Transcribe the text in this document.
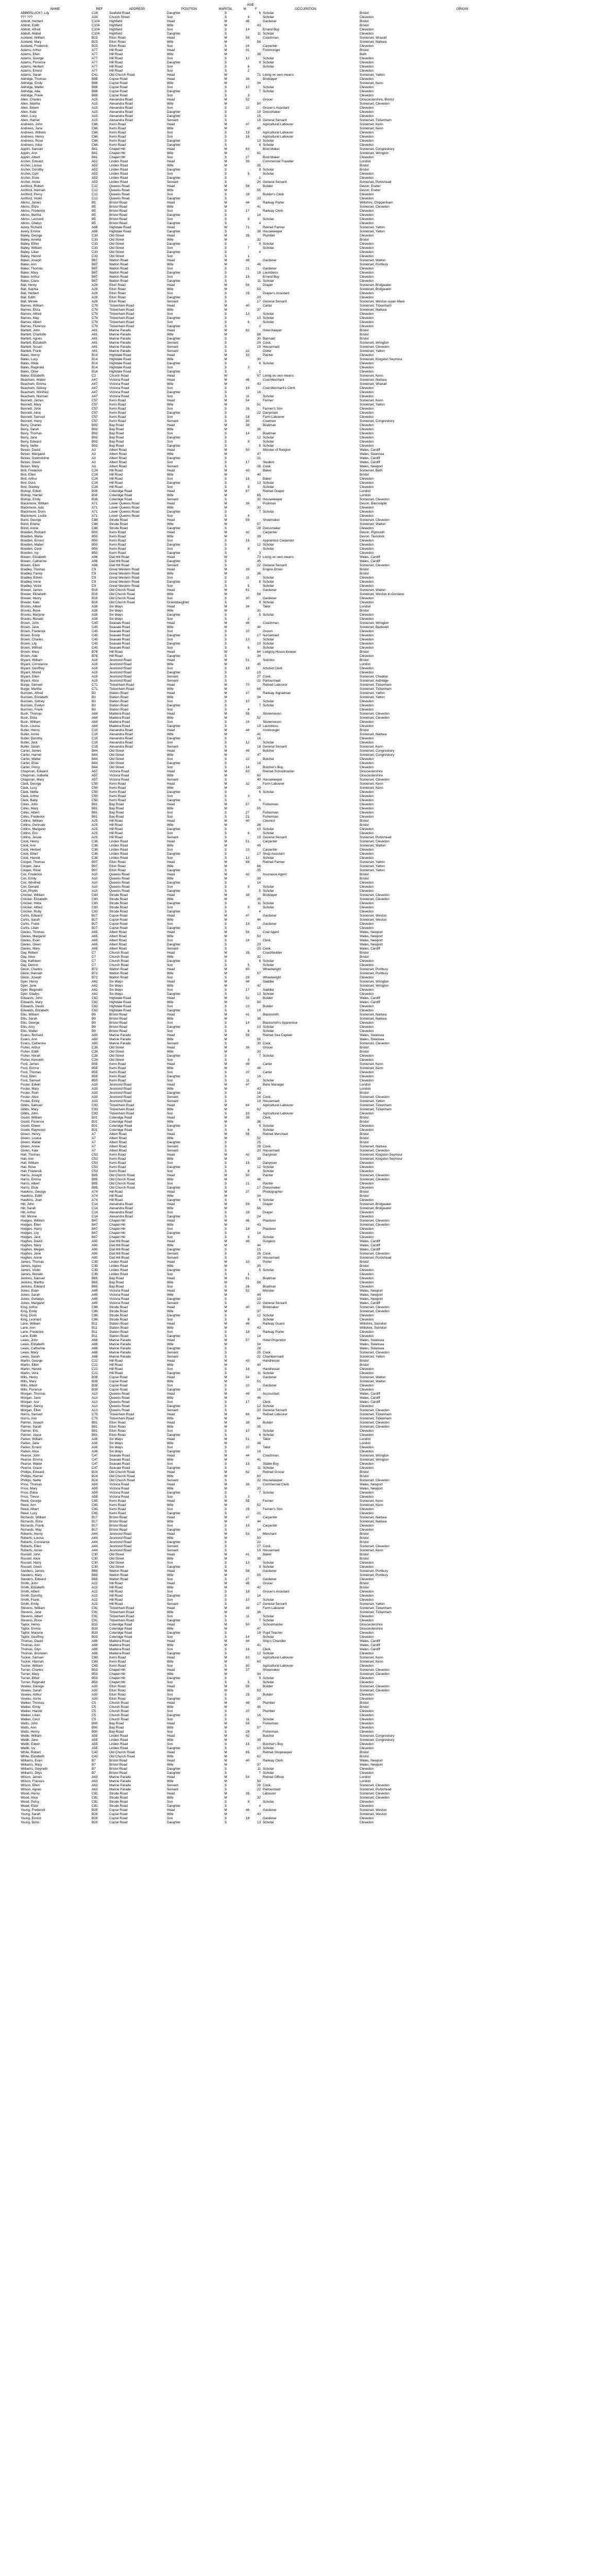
					AGE			
NAME	REF	ADDRESS	POSITION	MARITAL	M	F	OCCUPATION	ORIGIN
ABBERLUCK?, Lily	C18	Seafield Road	Daughter	S		6	Scholar	Bristol
??? ???	A34	Church Street	Son	S	4		Scholar	Clevedon
Abbott, Herbert	C104	Highfield	Head	M	45		Gardener	Bristol
Abbott, Edith	C104	Highfield	Wife	M		43		Bristol
Abbott, Alfred	C104	Highfield	Son	S	14		Errand Boy	Clevedon
Abbott, Mabel	C104	Highfield	Daughter	S		11	Scholar	Clevedon
Ackland, William	B23	Elton Road	Head	M	58		Coachman	Somerset, Wraxall
Ackland, Mary	B23	Elton Road	Wife	M		56		Somerset, Nailsea
Ackland, Frederick	B23	Elton Road	Son	S	24		Carpenter	Clevedon
Adams, Arthur	A77	Hill Road	Head	M	41		Fishmonger	Bristol
Adams, Ellen	A77	Hill Road	Wife	M		38		Bath
Adams, George	A77	Hill Road	Son	S	12		Scholar	Clevedon
Adams, Florence	A77	Hill Road	Daughter	S		9	Scholar	Clevedon
Adams, Herbert	A77	Hill Road	Son	S	6		Scholar	Clevedon
Adams, Ernest	A77	Hill Road	Son	S	2			Clevedon
Adams, Sarah	C41	Old Church Road	Head	W		71	Living on own means	Somerset, Yatton
Aldridge, Thomas	B88	Copse Road	Head	M	36		Bricklayer	Clevedon
Aldridge, Emily	B88	Copse Road	Wife	M		34		Somerset, Kenn
Aldridge, Walter	B88	Copse Road	Son	S	10		Scholar	Clevedon
Aldridge, Ada	B88	Copse Road	Daughter	S		7	Scholar	Clevedon
Aldridge, Frank	B88	Copse Road	Son	S	3			Clevedon
Allen, Charles	A15	Alexandra Road	Head	M	52		Grocer	Gloucestershire, Bristol
Allen, Martha	A15	Alexandra Road	Wife	M		50		Somerset, Clevedon
Allen, Edwin	A15	Alexandra Road	Son	S	22		Grocer's Assistant	Clevedon
Allen, Kate	A15	Alexandra Road	Daughter	S		19	Dressmaker	Clevedon
Allen, Lucy	A15	Alexandra Road	Daughter	S		15		Clevedon
Allen, Harriet	A15	Alexandra Road	Servant	S		18	General Servant	Somerset, Tickenham
Andrews, John	C66	Kenn Road	Head	M	47		Agricultural Labourer	Somerset, Kenn
Andrews, Jane	C66	Kenn Road	Wife	M		45		Somerset, Kenn
Andrews, William	C66	Kenn Road	Son	S	19		Agricultural Labourer	Clevedon
Andrews, Henry	C66	Kenn Road	Son	S	16		Agricultural Labourer	Clevedon
Andrews, Rose	C66	Kenn Road	Daughter	S		13	Scholar	Clevedon
Andrews, Alice	C66	Kenn Road	Daughter	S		8	Scholar	Clevedon
Applin, Samuel	B41	Chapel Hill	Head	M	63		Boot Maker	Somerset, Congresbury
Applin, Ann	B41	Chapel Hill	Wife	M		61		Somerset, Wrington
Applin, Albert	B41	Chapel Hill	Son	S	27		Boot Maker	Clevedon
Archer, Edward	A52	Linden Road	Head	M	39		Commercial Traveller	London
Archer, Louisa	A52	Linden Road	Wife	M		35		Bristol
Archer, Dorothy	A52	Linden Road	Daughter	S		8	Scholar	Bristol
Archer, Cyril	A52	Linden Road	Son	S	5		Scholar	Clevedon
Archer, Elsie	A52	Linden Road	Daughter	S		1		Clevedon
Archer, Annie	A52	Linden Road	Servant	S		20	General Servant	Somerset, Portishead
Ashford, Robert	C12	Queens Road	Head	M	58		Builder	Devon, Exeter
Ashford, Hannah	C12	Queens Road	Wife	M		55		Devon, Exeter
Ashford, Percy	C12	Queens Road	Son	S	28		Builder's Clerk	Clevedon
Ashford, Violet	C12	Queens Road	Daughter	S		23		Clevedon
Atkins, James	B5	Bristol Road	Head	M	44		Railway Porter	Wiltshire, Chippenham
Atkins, Eliza	B5	Bristol Road	Wife	M		41		Somerset, Clevedon
Atkins, Frederick	B5	Bristol Road	Son	S	17		Railway Clerk	Clevedon
Atkins, Bertha	B5	Bristol Road	Daughter	S		14		Clevedon
Atkins, Leonard	B5	Bristol Road	Son	S	9		Scholar	Clevedon
Atkins, Gladys	B5	Bristol Road	Daughter	S		4		Clevedon
Avery, Richard	A88	Highdale Road	Head	W	71		Retired Farmer	Somerset, Yatton
Avery, Emma	A88	Highdale Road	Daughter	S		38	Housekeeper	Somerset, Yatton
Bailey, George	C33	Old Street	Head	M	35		Plumber	Clevedon
Bailey, Amelia	C33	Old Street	Wife	M		32		Bristol
Bailey, Ethel	C33	Old Street	Daughter	S		9	Scholar	Clevedon
Bailey, William	C33	Old Street	Son	S	7		Scholar	Clevedon
Bailey, Lilian	C33	Old Street	Daughter	S		4		Clevedon
Bailey, Harold	C33	Old Street	Son	S	1			Clevedon
Baker, Joseph	B67	Walton Road	Head	M	48		Gardener	Somerset, Walton
Baker, Ann	B67	Walton Road	Wife	M		46		Somerset, Portbury
Baker, Thomas	B67	Walton Road	Son	S	21		Gardener	Clevedon
Baker, Mary	B67	Walton Road	Daughter	S		18	Laundress	Clevedon
Baker, Arthur	B67	Walton Road	Son	S	15		Errand Boy	Clevedon
Baker, Clara	B67	Walton Road	Daughter	S		11	Scholar	Clevedon
Ball, Henry	A29	Elton Road	Head	M	56		Draper	Somerset, Bridgwater
Ball, Sophia	A29	Elton Road	Wife	M		53		Somerset, Bridgwater
Ball, Herbert	A29	Elton Road	Son	S	25		Draper's Assistant	Clevedon
Ball, Edith	A29	Elton Road	Daughter	S		20		Clevedon
Ball, Minnie	A29	Elton Road	Servant	S		17	General Servant	Somerset, Weston-super-Mare
Barnes, William	C79	Tickenham Road	Head	M	40		Carter	Somerset, Tickenham
Barnes, Eliza	C79	Tickenham Road	Wife	M		37		Somerset, Nailsea
Barnes, Alfred	C79	Tickenham Road	Son	S	13		Scholar	Clevedon
Barnes, May	C79	Tickenham Road	Daughter	S		10	Scholar	Clevedon
Barnes, Albert	C79	Tickenham Road	Son	S	6		Scholar	Clevedon
Barnes, Florence	C79	Tickenham Road	Daughter	S		2		Clevedon
Bartlett, John	A61	Marine Parade	Head	M	62		Hotel Keeper	Bristol
Bartlett, Charlotte	A61	Marine Parade	Wife	M		58		Bristol
Bartlett, Agnes	A61	Marine Parade	Daughter	S		30	Barmaid	Bristol
Bartlett, Elizabeth	A61	Marine Parade	Servant	S		24	Cook	Somerset, Wrington
Bartlett, Susan	A61	Marine Parade	Servant	S		19	Housemaid	Somerset, Clevedon
Bartlett, Frank	A61	Marine Parade	Servant	S	22		Ostler	Somerset, Yatton
Bates, Henry	B14	Highdale Road	Head	M	33		Painter	Clevedon
Bates, Lucy	B14	Highdale Road	Wife	M		30		Somerset, Kingston Seymour
Bates, Hilda	B14	Highdale Road	Daughter	S		6	Scholar	Clevedon
Bates, Reginald	B14	Highdale Road	Son	S	3			Clevedon
Bates, Olive	B14	Highdale Road	Daughter	S		1		Clevedon
Baker, Elizabeth	C2	Church Road	Head	W		67	Living on own means	Somerset, Kenn
Beacham, Walter	A47	Victoria Road	Head	M	45		Coal Merchant	Somerset, Nailsea
Beacham, Emma	A47	Victoria Road	Wife	M		43		Somerset, Wraxall
Beacham, Sidney	A47	Victoria Road	Son	S	19		Coal Merchant's Clerk	Clevedon
Beacham, Winifred	A47	Victoria Road	Daughter	S		16		Clevedon
Beacham, Norman	A47	Victoria Road	Son	S	11		Scholar	Clevedon
Bennett, James	C57	Kenn Road	Head	M	54		Farmer	Somerset, Kenn
Bennett, Mary	C57	Kenn Road	Wife	M		51		Somerset, Yatton
Bennett, John	C57	Kenn Road	Son	S	26		Farmer's Son	Clevedon
Bennett, Alice	C57	Kenn Road	Daughter	S		22	Dairymaid	Clevedon
Bennett, Samuel	C57	Kenn Road	Son	S	18		Farm Labourer	Clevedon
Bennett, Harry	C57	Kenn Road	Servant	S	30		Cowman	Somerset, Congresbury
Berry, Charles	B92	Bay Road	Head	M	38		Boatman	Clevedon
Berry, Sarah	B92	Bay Road	Wife	M		36		Clevedon
Berry, Thomas	B92	Bay Road	Son	S	14		Boatman	Clevedon
Berry, Jane	B92	Bay Road	Daughter	S		12	Scholar	Clevedon
Berry, Edward	B92	Bay Road	Son	S	8		Scholar	Clevedon
Berry, Nellie	B92	Bay Road	Daughter	S		5	Scholar	Clevedon
Bevan, David	A3	Albert Road	Head	M	50		Minister of Religion	Wales, Cardiff
Bevan, Margaret	A3	Albert Road	Wife	M		47		Wales, Swansea
Bevan, Gwendoline	A3	Albert Road	Daughter	S		21		Wales, Cardiff
Bevan, Owen	A3	Albert Road	Son	S	17		Student	Wales, Cardiff
Bevan, Mary	A3	Albert Road	Servant	S		25	Cook	Wales, Newport
Bird, Frederick	C24	Hill Road	Head	M	43		Baker	Somerset, Bath
Bird, Ellen	C24	Hill Road	Wife	M		40		Bristol
Bird, Arthur	C24	Hill Road	Son	S	16		Baker	Clevedon
Bird, Dora	C24	Hill Road	Daughter	S		13	Scholar	Clevedon
Bird, Stanley	C24	Hill Road	Son	S	9		Scholar	Clevedon
Bishop, Edwin	B36	Coleridge Road	Head	M	67		Retired Draper	London
Bishop, Harriet	B36	Coleridge Road	Wife	M		65		London
Bishop, Emily	B36	Coleridge Road	Servant	S		32	Housekeeper	Somerset, Clevedon
Blackmore, William	A71	Lower Queens Road	Head	M	36		Postman	Devon, Barnstaple
Blackmore, Ada	A71	Lower Queens Road	Wife	M		33		Clevedon
Blackmore, Doris	A71	Lower Queens Road	Daughter	S		7	Scholar	Clevedon
Blackmore, Leslie	A71	Lower Queens Road	Son	S	4			Clevedon
Bond, George	C88	Strode Road	Head	M	59		Shoemaker	Somerset, Clevedon
Bond, Emma	C88	Strode Road	Wife	M		57		Somerset, Walton
Bond, Annie	C88	Strode Road	Daughter	S		28	Dressmaker	Clevedon
Bowden, Richard	B50	Kenn Road	Head	M	42		Carpenter	Devon, Plymouth
Bowden, Maria	B50	Kenn Road	Wife	M		39		Devon, Tavistock
Bowden, Ernest	B50	Kenn Road	Son	S	15		Apprentice Carpenter	Clevedon
Bowden, Mabel	B50	Kenn Road	Daughter	S		12	Scholar	Clevedon
Bowden, Cecil	B50	Kenn Road	Son	S	8		Scholar	Clevedon
Bowden, Ivy	B50	Kenn Road	Daughter	S		3		Clevedon
Bowen, Elizabeth	A96	Dial Hill Road	Head	W		73	Living on own means	Wales, Cardiff
Bowen, Catherine	A96	Dial Hill Road	Daughter	S		45		Wales, Cardiff
Bowen, Ellen	A96	Dial Hill Road	Servant	S		22	General Servant	Somerset, Clevedon
Bradley, Thomas	C9	Great Western Road	Head	M	39		Engine Driver	Bristol
Bradley, Fanny	C9	Great Western Road	Wife	M		36		Bristol
Bradley, Edwin	C9	Great Western Road	Son	S	11		Scholar	Clevedon
Bradley, Irene	C9	Great Western Road	Daughter	S		8	Scholar	Clevedon
Bradley, Victor	C9	Great Western Road	Son	S	5		Scholar	Clevedon
Brewer, James	B19	Old Church Road	Head	M	61		Gardener	Somerset, Walton
Brewer, Elizabeth	B19	Old Church Road	Wife	M		58		Somerset, Weston-in-Gordano
Brewer, Henry	B19	Old Church Road	Son	S	30		Gardener	Clevedon
Brewer, Kate	B19	Old Church Road	Granddaughter	S		9	Scholar	Clevedon
Brooks, Albert	A38	Six Ways	Head	M	34		Tailor	London
Brooks, Rose	A38	Six Ways	Wife	M		31		Bristol
Brooks, Marjorie	A38	Six Ways	Daughter	S		5	Scholar	Clevedon
Brooks, Ronald	A38	Six Ways	Son	S	2			Clevedon
Brown, John	C45	Seavale Road	Head	M	46		Coachman	Somerset, Wrington
Brown, Jane	C45	Seavale Road	Wife	M		44		Somerset, Backwell
Brown, Frederick	C45	Seavale Road	Son	S	20		Groom	Clevedon
Brown, Emily	C45	Seavale Road	Daughter	S		17	Nursemaid	Clevedon
Brown, Charles	C45	Seavale Road	Son	S	13		Scholar	Clevedon
Brown, Lily	C45	Seavale Road	Daughter	S		10	Scholar	Clevedon
Brown, Wilfred	C45	Seavale Road	Son	S	6		Scholar	Clevedon
Brown, Mary	B78	Hill Road	Head	W		64	Lodging House Keeper	Bristol
Brown, Ada	B78	Hill Road	Daughter	S		34		Clevedon
Bryant, William	A19	Jesmond Road	Head	M	51		Solicitor	Bristol
Bryant, Constance	A19	Jesmond Road	Wife	M		45		London
Bryant, Geoffrey	A19	Jesmond Road	Son	S	18		Articled Clerk	Clevedon
Bryant, Muriel	A19	Jesmond Road	Daughter	S		15		Clevedon
Bryant, Ellen	A19	Jesmond Road	Servant	S		27	Cook	Somerset, Cheddar
Bryant, Alice	A19	Jesmond Road	Servant	S		21	Parlourmaid	Somerset, Axbridge
Burge, Samuel	C71	Tickenham Road	Head	M	70		Retired Labourer	Somerset, Tickenham
Burge, Martha	C71	Tickenham Road	Wife	M		68		Somerset, Tickenham
Burrows, Alfred	B3	Station Road	Head	M	37		Railway Signalman	Somerset, Yatton
Burrows, Elizabeth	B3	Station Road	Wife	M		34		Somerset, Yatton
Burrows, Sidney	B3	Station Road	Son	S	10		Scholar	Clevedon
Burrows, Evelyn	B3	Station Road	Daughter	S		7	Scholar	Clevedon
Burrows, Frank	B3	Station Road	Son	S	4			Clevedon
Bush, Thomas	A84	Madeira Road	Head	M	55		Stonemason	Somerset, Clevedon
Bush, Eliza	A84	Madeira Road	Wife	M		52		Somerset, Clevedon
Bush, William	A84	Madeira Road	Son	S	24		Stonemason	Clevedon
Bush, Louisa	A84	Madeira Road	Daughter	S		19	Laundress	Clevedon
Butler, Henry	C16	Alexandra Road	Head	M	44		Ironmonger	Bristol
Butler, Annie	C16	Alexandra Road	Wife	M		41		Somerset, Nailsea
Butler, Dorothy	C16	Alexandra Road	Daughter	S		16		Clevedon
Butler, Jack	C16	Alexandra Road	Son	S	12		Scholar	Clevedon
Butler, Sarah	C16	Alexandra Road	Servant	S		18	General Servant	Somerset, Kenn
Carter, James	B44	Old Street	Head	M	49		Butcher	Somerset, Congresbury
Carter, Harriet	B44	Old Street	Wife	M		47		Somerset, Congresbury
Carter, Walter	B44	Old Street	Son	S	22		Butcher	Clevedon
Carter, Elsie	B44	Old Street	Daughter	S		18		Clevedon
Carter, Percy	B44	Old Street	Son	S	14		Butcher's Boy	Clevedon
Chapman, Edward	A57	Victoria Road	Head	M	63		Retired Schoolmaster	Gloucestershire
Chapman, Isabella	A57	Victoria Road	Wife	M		60		Gloucestershire
Chapman, Mary	A57	Victoria Road	Servant	S		40	Housekeeper	Somerset, Clevedon
Clark, George	C50	Kenn Road	Head	M	32		Farm Labourer	Somerset, Kenn
Clark, Lucy	C50	Kenn Road	Wife	M		29		Somerset, Kenn
Clark, Nellie	C50	Kenn Road	Daughter	S		6	Scholar	Clevedon
Clark, Arthur	C50	Kenn Road	Son	S	3			Clevedon
Clark, Baby	C50	Kenn Road	Daughter	S		0		Clevedon
Coles, John	B61	Bay Road	Head	M	57		Fisherman	Clevedon
Coles, Mary	B61	Bay Road	Wife	M		55		Clevedon
Coles, Albert	B61	Bay Road	Son	S	27		Fisherman	Clevedon
Coles, Frederick	B61	Bay Road	Son	S	21		Fisherman	Clevedon
Collins, William	A25	Hill Road	Head	M	40		Chemist	Bristol
Collins, Gertrude	A25	Hill Road	Wife	M		36		Bristol
Collins, Margaret	A25	Hill Road	Daughter	S		10	Scholar	Clevedon
Collins, Eric	A25	Hill Road	Son	S	6		Scholar	Clevedon
Collins, Jessie	A25	Hill Road	Servant	S		19	General Servant	Somerset, Portishead
Cook, Henry	C36	Linden Road	Head	M	51		Carpenter	Somerset, Clevedon
Cook, Ann	C36	Linden Road	Wife	M		49		Somerset, Walton
Cook, Herbert	C36	Linden Road	Son	S	23		Carpenter	Clevedon
Cook, Ethel	C36	Linden Road	Daughter	S		17	Shop Assistant	Clevedon
Cook, Harold	C36	Linden Road	Son	S	12		Scholar	Clevedon
Cooper, Thomas	B97	Elton Road	Head	M	68		Retired Farmer	Somerset, Yatton
Cooper, Jane	B97	Elton Road	Wife	M		66		Somerset, Yatton
Cooper, Rose	B97	Elton Road	Daughter	S		35		Somerset, Yatton
Cox, Frederick	A10	Queens Road	Head	M	42		Insurance Agent	Bristol
Cox, Emily	A10	Queens Road	Wife	M		39		Bristol
Cox, Winifred	A10	Queens Road	Daughter	S		14		Clevedon
Cox, Donald	A10	Queens Road	Son	S	9		Scholar	Clevedon
Cox, Phyllis	A10	Queens Road	Daughter	S		5	Scholar	Clevedon
Crocker, William	C83	Strode Road	Head	M	38		Bricklayer	Somerset, Clevedon
Crocker, Elizabeth	C83	Strode Road	Wife	M		35		Somerset, Clevedon
Crocker, Hilda	C83	Strode Road	Daughter	S		11	Scholar	Clevedon
Crocker, Alfred	C83	Strode Road	Son	S	8		Scholar	Clevedon
Crocker, Ruby	C83	Strode Road	Daughter	S		4		Clevedon
Curtis, Edward	B27	Copse Road	Head	M	47		Gardener	Somerset, Weston
Curtis, Sarah	B27	Copse Road	Wife	M		44		Somerset, Weston
Curtis, Frank	B27	Copse Road	Son	S	19		Gardener	Clevedon
Curtis, Lilian	B27	Copse Road	Daughter	S		15		Clevedon
Davies, Thomas	A65	Albert Road	Head	M	56		Coal Agent	Wales, Newport
Davies, Margaret	A65	Albert Road	Wife	M		53		Wales, Newport
Davies, Evan	A65	Albert Road	Son	S	24		Clerk	Wales, Newport
Davies, Gwen	A65	Albert Road	Daughter	S		20		Wales, Newport
Davies, Mary	A65	Albert Road	Servant	S		23	Cook	Wales, Cardiff
Day, Robert	C7	Church Road	Head	M	35		Coachbuilder	Bristol
Day, Alice	C7	Church Road	Wife	M		32		Bristol
Day, Kathleen	C7	Church Road	Daughter	S		8	Scholar	Clevedon
Day, Dennis	C7	Church Road	Son	S	5		Scholar	Clevedon
Dixon, Charles	B72	Walton Road	Head	M	60		Wheelwright	Somerset, Portbury
Dixon, Hannah	B72	Walton Road	Wife	M		57		Somerset, Portbury
Dixon, Joseph	B72	Walton Road	Son	S	29		Wheelwright	Clevedon
Dyer, Henry	A42	Six Ways	Head	M	44		Saddler	Somerset, Wrington
Dyer, Jane	A42	Six Ways	Wife	M		42		Somerset, Wrington
Dyer, Reginald	A42	Six Ways	Son	S	17		Saddler	Clevedon
Dyer, Gladys	A42	Six Ways	Daughter	S		13	Scholar	Clevedon
Edwards, John	C62	Highdale Road	Head	M	52		Builder	Wales, Cardiff
Edwards, Mary	C62	Highdale Road	Wife	M		50		Wales, Cardiff
Edwards, David	C62	Highdale Road	Son	S	23		Builder	Clevedon
Edwards, Elizabeth	C62	Highdale Road	Daughter	S		19		Clevedon
Ellis, William	B9	Bristol Road	Head	M	41		Blacksmith	Somerset, Nailsea
Ellis, Sarah	B9	Bristol Road	Wife	M		38		Somerset, Nailsea
Ellis, George	B9	Bristol Road	Son	S	14		Blacksmith's Apprentice	Clevedon
Ellis, Amy	B9	Bristol Road	Daughter	S		10	Scholar	Clevedon
Ellis, Walter	B9	Bristol Road	Son	S	6		Scholar	Clevedon
Evans, Richard	A80	Marine Parade	Head	M	58		Retired Sea Captain	Wales, Swansea
Evans, Ann	A80	Marine Parade	Wife	M		55		Wales, Swansea
Evans, Catherine	A80	Marine Parade	Servant	S		30	Cook	Somerset, Clevedon
Fisher, Arthur	C28	Old Street	Head	M	36		Grocer	Bristol
Fisher, Edith	C28	Old Street	Wife	M		33		Bristol
Fisher, Norah	C28	Old Street	Daughter	S		7	Scholar	Clevedon
Fisher, Kenneth	C28	Old Street	Son	S	3			Clevedon
Ford, James	B55	Kenn Road	Head	M	49		Carter	Somerset, Kenn
Ford, Emma	B55	Kenn Road	Wife	M		46		Somerset, Kenn
Ford, Thomas	B55	Kenn Road	Son	S	20		Carter	Clevedon
Ford, Ellen	B55	Kenn Road	Daughter	S		16		Clevedon
Ford, Samuel	B55	Kenn Road	Son	S	11		Scholar	Clevedon
Foster, Edwin	A33	Jesmond Road	Head	M	47		Bank Manager	London
Foster, Mary	A33	Jesmond Road	Wife	M		43		London
Foster, Ruth	A33	Jesmond Road	Daughter	S		16		Bristol
Foster, Alice	A33	Jesmond Road	Servant	S		24	Cook	Somerset, Clevedon
Foster, Emily	A33	Jesmond Road	Servant	S		19	Housemaid	Somerset, Yatton
Gibbs, Samuel	C93	Tickenham Road	Head	M	64		Agricultural Labourer	Somerset, Tickenham
Gibbs, Mary	C93	Tickenham Road	Wife	M		62		Somerset, Tickenham
Gibbs, John	C93	Tickenham Road	Son	S	33		Agricultural Labourer	Clevedon
Gould, William	B31	Coleridge Road	Head	M	39		Clerk	Bristol
Gould, Florence	B31	Coleridge Road	Wife	M		36		Bristol
Gould, Eileen	B31	Coleridge Road	Daughter	S		9	Scholar	Clevedon
Gould, Raymond	B31	Coleridge Road	Son	S	6		Scholar	Clevedon
Green, Henry	A7	Albert Road	Head	M	55		Retired Merchant	Bristol
Green, Louisa	A7	Albert Road	Wife	M		52		Bristol
Green, Mabel	A7	Albert Road	Daughter	S		25		Bristol
Green, Annie	A7	Albert Road	Servant	S		28	Cook	Somerset, Nailsea
Green, Kate	A7	Albert Road	Servant	S		20	Housemaid	Somerset, Clevedon
Hall, Thomas	C53	Kenn Road	Head	M	42		Dairyman	Somerset, Kingston Seymour
Hall, Ann	C53	Kenn Road	Wife	M		39		Somerset, Kingston Seymour
Hall, William	C53	Kenn Road	Son	S	15		Dairyman	Clevedon
Hall, Rose	C53	Kenn Road	Daughter	S		12	Scholar	Clevedon
Hall, Frederick	C53	Kenn Road	Son	S	8		Scholar	Clevedon
Harris, Joseph	B85	Old Church Road	Head	M	50		Painter	Somerset, Clevedon
Harris, Emma	B85	Old Church Road	Wife	M		48		Somerset, Clevedon
Harris, Albert	B85	Old Church Road	Son	S	21		Painter	Clevedon
Harris, Elsie	B85	Old Church Road	Daughter	S		17	Dressmaker	Clevedon
Hawkins, George	A74	Hill Road	Head	M	37		Photographer	Bristol
Hawkins, Edith	A74	Hill Road	Wife	M		34		Bristol
Hawkins, Joan	A74	Hill Road	Daughter	S		6	Scholar	Clevedon
Hill, John	C14	Alexandra Road	Head	M	59		Draper	Somerset, Bridgwater
Hill, Sarah	C14	Alexandra Road	Wife	M		56		Somerset, Bridgwater
Hill, Arthur	C14	Alexandra Road	Son	S	28		Draper	Clevedon
Hill, Minnie	C14	Alexandra Road	Daughter	S		24		Clevedon
Hodges, William	B47	Chapel Hill	Head	M	45		Plasterer	Somerset, Clevedon
Hodges, Ellen	B47	Chapel Hill	Wife	M		43		Somerset, Clevedon
Hodges, Harry	B47	Chapel Hill	Son	S	18		Plasterer	Clevedon
Hodges, Lily	B47	Chapel Hill	Daughter	S		14		Clevedon
Hodges, Jack	B47	Chapel Hill	Son	S	9		Scholar	Clevedon
Hughes, David	A90	Dial Hill Road	Head	M	48		Surgeon	Wales, Cardiff
Hughes, Mary	A90	Dial Hill Road	Wife	M		44		Wales, Cardiff
Hughes, Megan	A90	Dial Hill Road	Daughter	S		15		Wales, Cardiff
Hughes, Jane	A90	Dial Hill Road	Servant	S		26	Cook	Somerset, Clevedon
Hughes, Annie	A90	Dial Hill Road	Servant	S		20	Housemaid	Somerset, Portishead
James, Thomas	C39	Linden Road	Head	M	33		Porter	Bristol
James, Agnes	C39	Linden Road	Wife	M		30		Bristol
James, Violet	C39	Linden Road	Daughter	S		5	Scholar	Clevedon
James, Ronald	C39	Linden Road	Son	S	1			Clevedon
Jenkins, Samuel	B65	Bay Road	Head	M	61		Boatman	Clevedon
Jenkins, Martha	B65	Bay Road	Wife	M		58		Clevedon
Jenkins, Edward	B65	Bay Road	Son	S	26		Boatman	Clevedon
Jones, Evan	A49	Victoria Road	Head	M	52		Minister	Wales, Newport
Jones, Sarah	A49	Victoria Road	Wife	M		49		Wales, Newport
Jones, Gwladys	A49	Victoria Road	Daughter	S		19		Wales, Newport
Jones, Margaret	A49	Victoria Road	Servant	S		22	General Servant	Wales, Cardiff
King, Arthur	C86	Strode Road	Head	M	40		Bootmaker	Somerset, Clevedon
King, Emily	C86	Strode Road	Wife	M		37		Somerset, Clevedon
King, Doris	C86	Strode Road	Daughter	S		12	Scholar	Clevedon
King, Leonard	C86	Strode Road	Son	S	8		Scholar	Clevedon
Lane, William	B11	Station Road	Head	M	46		Railway Guard	Wiltshire, Swindon
Lane, Ann	B11	Station Road	Wife	M		43		Wiltshire, Swindon
Lane, Frederick	B11	Station Road	Son	S	18		Railway Porter	Clevedon
Lane, Edith	B11	Station Road	Daughter	S		14		Clevedon
Lewis, John	A68	Marine Parade	Head	M	57		Hotel Proprietor	Wales, Swansea
Lewis, Elizabeth	A68	Marine Parade	Wife	M		54		Wales, Swansea
Lewis, Catherine	A68	Marine Parade	Daughter	S		28		Wales, Swansea
Lewis, Mary	A68	Marine Parade	Servant	S		25	Cook	Somerset, Clevedon
Lewis, Sarah	A68	Marine Parade	Servant	S		21	Chambermaid	Somerset, Yatton
Martin, George	C21	Hill Road	Head	M	43		Hairdresser	Bristol
Martin, Ellen	C21	Hill Road	Wife	M		40		Bristol
Martin, Harold	C21	Hill Road	Son	S	16		Hairdresser	Clevedon
Martin, Vera	C21	Hill Road	Daughter	S		11	Scholar	Clevedon
Mills, Henry	B39	Copse Road	Head	M	54		Gardener	Somerset, Walton
Mills, Mary	B39	Copse Road	Wife	M		51		Somerset, Walton
Mills, Albert	B39	Copse Road	Son	S	22		Gardener	Clevedon
Mills, Florence	B39	Copse Road	Daughter	S		18		Clevedon
Morgan, Thomas	A13	Queens Road	Head	M	49		Accountant	Wales, Cardiff
Morgan, Jane	A13	Queens Road	Wife	M		46		Wales, Cardiff
Morgan, Ivor	A13	Queens Road	Son	S	17		Clerk	Wales, Cardiff
Morgan, Nancy	A13	Queens Road	Daughter	S		12	Scholar	Clevedon
Morgan, Ellen	A13	Queens Road	Servant	S		20	General Servant	Somerset, Clevedon
Norris, Samuel	C75	Tickenham Road	Head	M	66		Retired Labourer	Somerset, Tickenham
Norris, Ann	C75	Tickenham Road	Wife	M		64		Somerset, Tickenham
Palmer, Joseph	B81	Elton Road	Head	M	38		Builder	Somerset, Clevedon
Palmer, Sarah	B81	Elton Road	Wife	M		35		Somerset, Clevedon
Palmer, Eric	B81	Elton Road	Son	S	10		Scholar	Clevedon
Palmer, Joyce	B81	Elton Road	Daughter	S		6	Scholar	Clevedon
Parker, William	A36	Six Ways	Head	M	51		Tailor	London
Parker, Jane	A36	Six Ways	Wife	M		48		London
Parker, Ernest	A36	Six Ways	Son	S	20		Tailor	Clevedon
Parker, Alice	A36	Six Ways	Daughter	S		16		Clevedon
Pearce, John	C47	Seavale Road	Head	M	44		Coachman	Somerset, Wrington
Pearce, Emma	C47	Seavale Road	Wife	M		41		Somerset, Wrington
Pearce, Walter	C47	Seavale Road	Son	S	15		Stable Boy	Clevedon
Pearce, Grace	C47	Seavale Road	Daughter	S		11	Scholar	Clevedon
Phillips, Edward	B24	Old Church Road	Head	M	62		Retired Grocer	Bristol
Phillips, Harriet	B24	Old Church Road	Wife	M		60		Bristol
Phillips, Nellie	B24	Old Church Road	Servant	S		32	Housekeeper	Somerset, Clevedon
Price, Thomas	A59	Victoria Road	Head	M	36		Commercial Clerk	Wales, Newport
Price, Mary	A59	Victoria Road	Wife	M		33		Wales, Newport
Price, Edna	A59	Victoria Road	Daughter	S		7	Scholar	Clevedon
Price, Trevor	A59	Victoria Road	Son	S	3			Clevedon
Reed, George	C65	Kenn Road	Head	M	55		Farmer	Somerset, Kenn
Reed, Ann	C65	Kenn Road	Wife	M		52		Somerset, Kenn
Reed, Albert	C65	Kenn Road	Son	S	25		Farmer's Son	Clevedon
Reed, Lucy	C65	Kenn Road	Daughter	S		21		Clevedon
Richards, William	B17	Bristol Road	Head	M	47		Carpenter	Somerset, Nailsea
Richards, Eliza	B17	Bristol Road	Wife	M		44		Somerset, Nailsea
Richards, Frank	B17	Bristol Road	Son	S	19		Carpenter	Clevedon
Richards, May	B17	Bristol Road	Daughter	S		14		Clevedon
Roberts, Henry	A44	Jesmond Road	Head	M	53		Merchant	Bristol
Roberts, Louisa	A44	Jesmond Road	Wife	M		50		Bristol
Roberts, Constance	A44	Jesmond Road	Daughter	S		22		Bristol
Roberts, Ellen	A44	Jesmond Road	Servant	S		27	Cook	Somerset, Clevedon
Roberts, Annie	A44	Jesmond Road	Servant	S		19	Housemaid	Somerset, Kenn
Russell, John	C30	Old Street	Head	M	41		Baker	Bristol
Russell, Alice	C30	Old Street	Wife	M		38		Bristol
Russell, Harry	C30	Old Street	Son	S	13		Scholar	Clevedon
Russell, Gwen	C30	Old Street	Daughter	S		9	Scholar	Clevedon
Sanders, James	B69	Walton Road	Head	M	58		Gardener	Somerset, Portbury
Sanders, Mary	B69	Walton Road	Wife	M		55		Somerset, Portbury
Sanders, Edward	B69	Walton Road	Son	S	27		Gardener	Clevedon
Smith, John	A22	Hill Road	Head	M	45		Grocer	Bristol
Smith, Elizabeth	A22	Hill Road	Wife	M		42		Bristol
Smith, Albert	A22	Hill Road	Son	S	18		Grocer's Assistant	Clevedon
Smith, Dorothy	A22	Hill Road	Daughter	S		14		Clevedon
Smith, Frank	A22	Hill Road	Son	S	10		Scholar	Clevedon
Smith, Emily	A22	Hill Road	Servant	S		17	General Servant	Somerset, Yatton
Stevens, William	C91	Tickenham Road	Head	M	39		Farm Labourer	Somerset, Tickenham
Stevens, Jane	C91	Tickenham Road	Wife	M		36		Somerset, Tickenham
Stevens, Albert	C91	Tickenham Road	Son	S	11		Scholar	Clevedon
Stevens, Rose	C91	Tickenham Road	Daughter	S		7	Scholar	Clevedon
Taylor, Henry	B33	Coleridge Road	Head	M	50		Schoolmaster	Gloucestershire
Taylor, Emma	B33	Coleridge Road	Wife	M		47		Gloucestershire
Taylor, Marjorie	B33	Coleridge Road	Daughter	S		18	Pupil Teacher	Clevedon
Taylor, Geoffrey	B33	Coleridge Road	Son	S	14		Scholar	Clevedon
Thomas, David	A86	Madeira Road	Head	M	44		Ship's Chandler	Wales, Cardiff
Thomas, Ann	A86	Madeira Road	Wife	M		41		Wales, Cardiff
Thomas, Glyn	A86	Madeira Road	Son	S	16		Clerk	Wales, Cardiff
Thomas, Bronwen	A86	Madeira Road	Daughter	S		12	Scholar	Clevedon
Tucker, Samuel	C69	Kenn Road	Head	M	63		Agricultural Labourer	Somerset, Kenn
Tucker, Hannah	C69	Kenn Road	Wife	M		60		Somerset, Kenn
Tucker, William	C69	Kenn Road	Son	S	30		Agricultural Labourer	Clevedon
Turner, Charles	B53	Chapel Hill	Head	M	37		Shoemaker	Somerset, Clevedon
Turner, Mary	B53	Chapel Hill	Wife	M		34		Somerset, Clevedon
Turner, Ethel	B53	Chapel Hill	Daughter	S		9	Scholar	Clevedon
Turner, Reginald	B53	Chapel Hill	Son	S	5		Scholar	Clevedon
Vowles, George	A30	Elton Road	Head	M	56		Builder	Somerset, Clevedon
Vowles, Sarah	A30	Elton Road	Wife	M		53		Somerset, Clevedon
Vowles, Arthur	A30	Elton Road	Son	S	25		Builder	Clevedon
Vowles, Annie	A30	Elton Road	Daughter	S		20		Clevedon
Walker, Thomas	C5	Church Road	Head	M	48		Plumber	Bristol
Walker, Emily	C5	Church Road	Wife	M		45		Bristol
Walker, Harold	C5	Church Road	Son	S	20		Plumber	Clevedon
Walker, Lilian	C5	Church Road	Daughter	S		16		Clevedon
Walker, Cecil	C5	Church Road	Son	S	11		Scholar	Clevedon
Watts, John	B90	Bay Road	Head	M	59		Fisherman	Clevedon
Watts, Ann	B90	Bay Road	Wife	M		57		Clevedon
Watts, Henry	B90	Bay Road	Son	S	28		Fisherman	Clevedon
Webb, William	A55	Linden Road	Head	M	42		Butcher	Somerset, Congresbury
Webb, Jane	A55	Linden Road	Wife	M		39		Somerset, Congresbury
Webb, Edwin	A55	Linden Road	Son	S	15		Butcher's Boy	Clevedon
Webb, Ivy	A55	Linden Road	Daughter	S		10	Scholar	Clevedon
White, Robert	C42	Old Church Road	Head	M	65		Retired Shopkeeper	Bristol
White, Elizabeth	C42	Old Church Road	Wife	M		62		Bristol
Williams, Evan	B7	Bristol Road	Head	M	40		Railway Clerk	Wales, Newport
Williams, Mary	B7	Bristol Road	Wife	M		37		Wales, Newport
Williams, Gwyneth	B7	Bristol Road	Daughter	S		11	Scholar	Clevedon
Williams, Dilys	B7	Bristol Road	Daughter	S		7	Scholar	Clevedon
Wilson, James	A63	Marine Parade	Head	M	54		Retired Officer	London
Wilson, Frances	A63	Marine Parade	Wife	M		50		London
Wilson, Ellen	A63	Marine Parade	Servant	S		29	Cook	Somerset, Clevedon
Wilson, Agnes	A63	Marine Parade	Servant	S		22	Parlourmaid	Somerset, Portishead
Wood, Henry	C81	Strode Road	Head	M	35		Labourer	Somerset, Clevedon
Wood, Alice	C81	Strode Road	Wife	M		32		Somerset, Clevedon
Wood, Percy	C81	Strode Road	Son	S	8		Scholar	Clevedon
Wood, Elsie	C81	Strode Road	Daughter	S		4		Clevedon
Young, Frederick	B29	Copse Road	Head	M	46		Gardener	Somerset, Weston
Young, Sarah	B29	Copse Road	Wife	M		43		Somerset, Weston
Young, Ernest	B29	Copse Road	Son	S	18		Gardener	Clevedon
Young, Doris	B29	Copse Road	Daughter	S		13	Scholar	Clevedon
